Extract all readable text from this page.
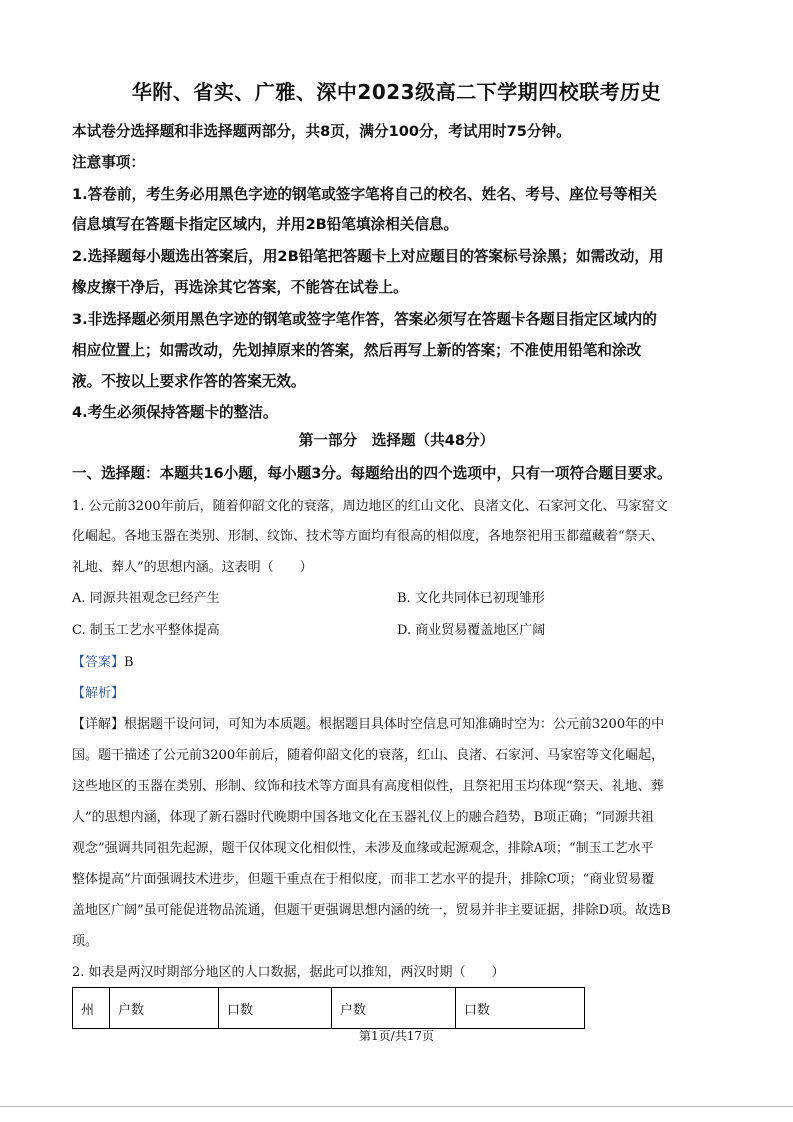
华附、省实、广雅、深中2023级高二下学期四校联考历史
本试卷分选择题和非选择题两部分，共8页，满分100分，考试用时75分钟。
注意事项：
1.答卷前，考生务必用黑色字迹的钢笔或签字笔将自己的校名、姓名、考号、座位号等相关
信息填写在答题卡指定区域内，并用2B铅笔填涂相关信息。
2.选择题每小题选出答案后，用2B铅笔把答题卡上对应题目的答案标号涂黑；如需改动，用
橡皮擦干净后，再选涂其它答案，不能答在试卷上。
3.非选择题必须用黑色字迹的钢笔或签字笔作答，答案必须写在答题卡各题目指定区域内的
相应位置上；如需改动，先划掉原来的答案，然后再写上新的答案；不准使用铅笔和涂改
液。不按以上要求作答的答案无效。
4.考生必须保持答题卡的整洁。
第一部分　选择题（共48分）
一、选择题：本题共16小题，每小题3分。每题给出的四个选项中，只有一项符合题目要求。
1. 公元前3200年前后，随着仰韶文化的衰落，周边地区的红山文化、良渚文化、石家河文化、马家窑文
化崛起。各地玉器在类别、形制、纹饰、技术等方面均有很高的相似度，各地祭祀用玉都蕴藏着“祭天、
礼地、葬人”的思想内涵。这表明（　　）
A. 同源共祖观念已经产生	B. 文化共同体已初现雏形
C. 制玉工艺水平整体提高	D. 商业贸易覆盖地区广阔
【答案】B
【解析】
【详解】根据题干设问词，可知为本质题。根据题目具体时空信息可知准确时空为：公元前3200年的中
国。题干描述了公元前3200年前后，随着仰韶文化的衰落，红山、良渚、石家河、马家窑等文化崛起，
这些地区的玉器在类别、形制、纹饰和技术等方面具有高度相似性，且祭祀用玉均体现“祭天、礼地、葬
人”的思想内涵，体现了新石器时代晚期中国各地文化在玉器礼仪上的融合趋势，B项正确；“同源共祖
观念”强调共同祖先起源，题干仅体现文化相似性，未涉及血缘或起源观念，排除A项；“制玉工艺水平
整体提高”片面强调技术进步，但题干重点在于相似度，而非工艺水平的提升，排除C项；“商业贸易覆
盖地区广阔”虽可能促进物品流通，但题干更强调思想内涵的统一，贸易并非主要证据，排除D项。故选B
项。
2. 如表是两汉时期部分地区的人口数据，据此可以推知，两汉时期（　　）
州	户数	口数	户数	口数
第1页/共17页
